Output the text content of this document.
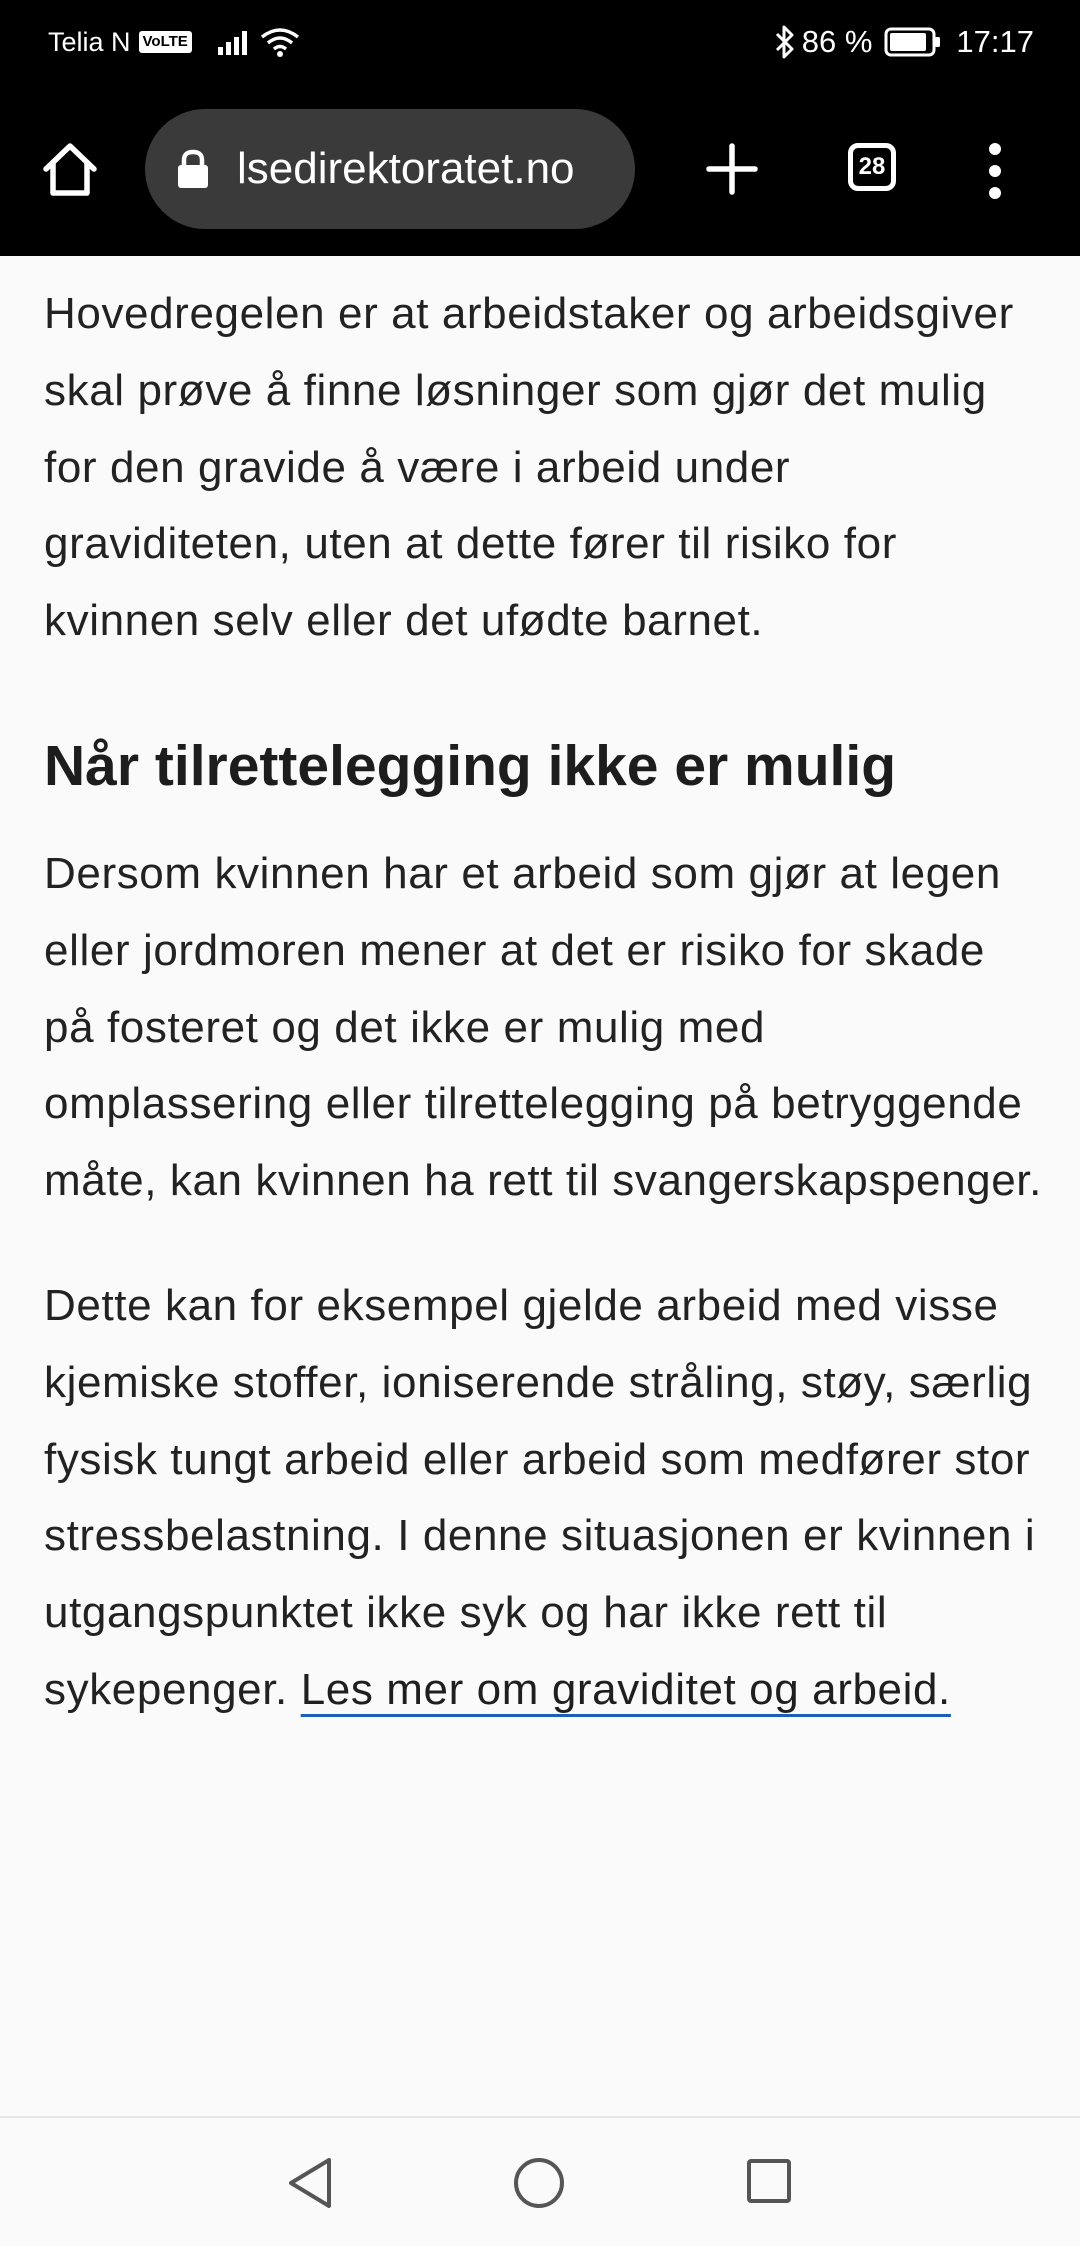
Telia N VoLTE	86 %	17:17
lsedirektoratet.no	28

Hovedregelen er at arbeidstaker og arbeidsgiver skal prøve å finne løsninger som gjør det mulig for den gravide å være i arbeid under graviditeten, uten at dette fører til risiko for kvinnen selv eller det ufødte barnet.

Når tilrettelegging ikke er mulig

Dersom kvinnen har et arbeid som gjør at legen eller jordmoren mener at det er risiko for skade på fosteret og det ikke er mulig med omplassering eller tilrettelegging på betryggende måte, kan kvinnen ha rett til svangerskapspenger.

Dette kan for eksempel gjelde arbeid med visse kjemiske stoffer, ioniserende stråling, støy, særlig fysisk tungt arbeid eller arbeid som medfører stor stressbelastning. I denne situasjonen er kvinnen i utgangspunktet ikke syk og har ikke rett til sykepenger. Les mer om graviditet og arbeid.
